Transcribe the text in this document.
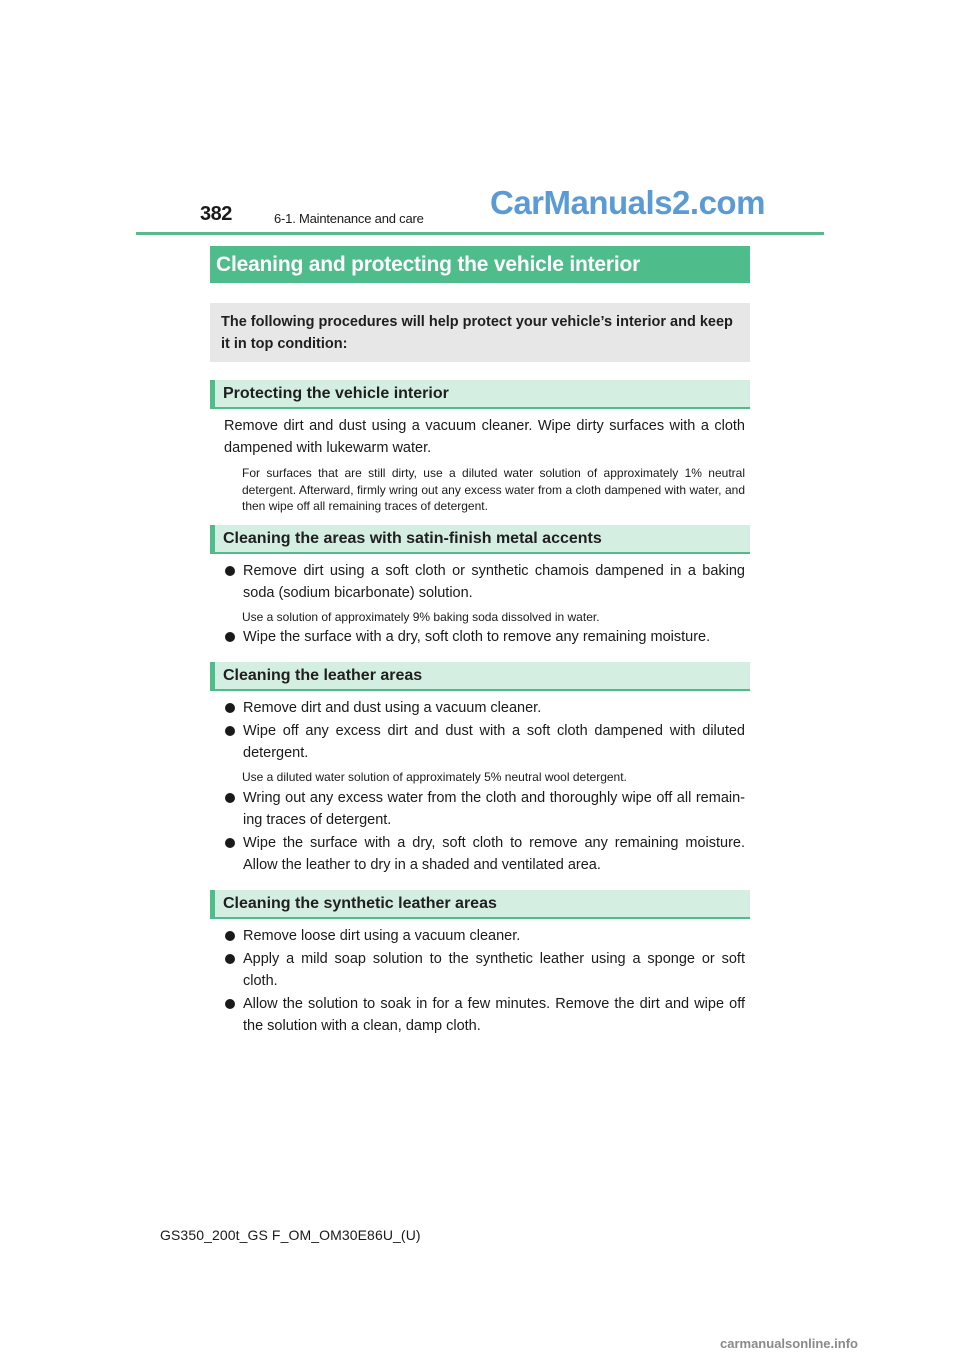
382	6-1. Maintenance and care CarManuals2.com
Cleaning and protecting the vehicle interior
The following procedures will help protect your vehicle’s interior and keep it in top condition:
Protecting the vehicle interior

Remove dirt and dust using a vacuum cleaner. Wipe dirty surfaces with a cloth dampened with lukewarm water.

For surfaces that are still dirty, use a diluted water solution of approximately 1% neutral detergent. Afterward, firmly wring out any excess water from a cloth dampened with water, and then wipe off all remaining traces of detergent.

Cleaning the areas with satin-finish metal accents

Remove dirt using a soft cloth or synthetic chamois dampened in a baking soda (sodium bicarbonate) solution.

Use a solution of approximately 9% baking soda dissolved in water.

Wipe the surface with a dry, soft cloth to remove any remaining moisture.

Cleaning the leather areas

Remove dirt and dust using a vacuum cleaner.

Wipe off any excess dirt and dust with a soft cloth dampened with diluted detergent.

Use a diluted water solution of approximately 5% neutral wool detergent.

Wring out any excess water from the cloth and thoroughly wipe off all remain-ing traces of detergent.

Wipe the surface with a dry, soft cloth to remove any remaining moisture. Allow the leather to dry in a shaded and ventilated area.

Cleaning the synthetic leather areas

Remove loose dirt using a vacuum cleaner.

Apply a mild soap solution to the synthetic leather using a sponge or soft cloth.

Allow the solution to soak in for a few minutes. Remove the dirt and wipe off the solution with a clean, damp cloth.

GS350_200t_GS F_OM_OM30E86U_(U)
carmanualsonline.info
